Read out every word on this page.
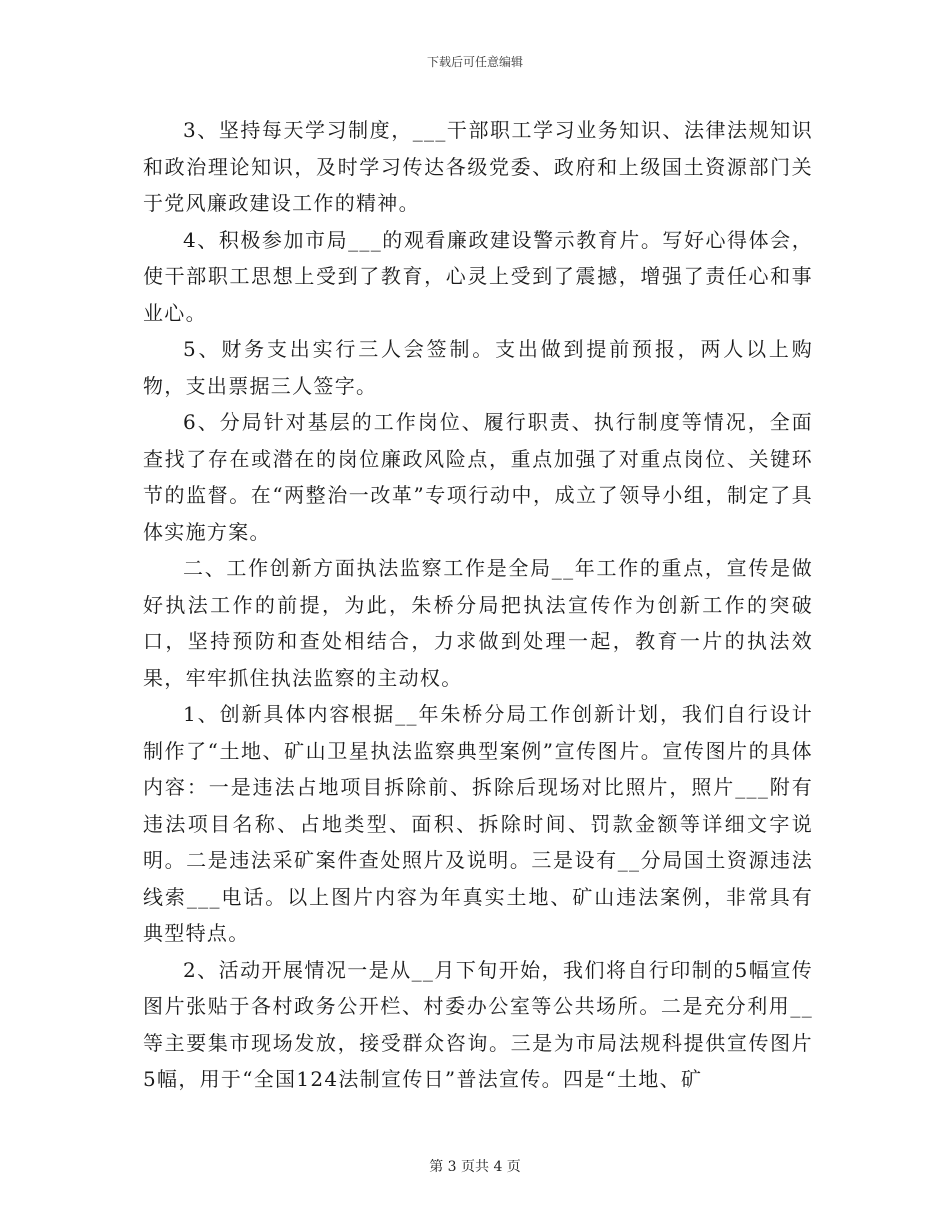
下载后可任意编辑

3、坚持每天学习制度，___干部职工学习业务知识、法律法规知识和政治理论知识，及时学习传达各级党委、政府和上级国土资源部门关于党风廉政建设工作的精神。

4、积极参加市局___的观看廉政建设警示教育片。写好心得体会，使干部职工思想上受到了教育，心灵上受到了震撼，增强了责任心和事业心。

5、财务支出实行三人会签制。支出做到提前预报，两人以上购物，支出票据三人签字。

6、分局针对基层的工作岗位、履行职责、执行制度等情况，全面查找了存在或潜在的岗位廉政风险点，重点加强了对重点岗位、关键环节的监督。在“两整治一改革”专项行动中，成立了领导小组，制定了具体实施方案。

二、工作创新方面执法监察工作是全局__年工作的重点，宣传是做好执法工作的前提，为此，朱桥分局把执法宣传作为创新工作的突破口，坚持预防和查处相结合，力求做到处理一起，教育一片的执法效果，牢牢抓住执法监察的主动权。

1、创新具体内容根据__年朱桥分局工作创新计划，我们自行设计制作了“土地、矿山卫星执法监察典型案例”宣传图片。宣传图片的具体内容：一是违法占地项目拆除前、拆除后现场对比照片，照片___附有违法项目名称、占地类型、面积、拆除时间、罚款金额等详细文字说明。二是违法采矿案件查处照片及说明。三是设有__分局国土资源违法线索___电话。以上图片内容为年真实土地、矿山违法案例，非常具有典型特点。

2、活动开展情况一是从__月下旬开始，我们将自行印制的5幅宣传图片张贴于各村政务公开栏、村委办公室等公共场所。二是充分利用__等主要集市现场发放，接受群众咨询。三是为市局法规科提供宣传图片5幅，用于“全国124法制宣传日”普法宣传。四是“土地、矿

第 3 页共 4 页
